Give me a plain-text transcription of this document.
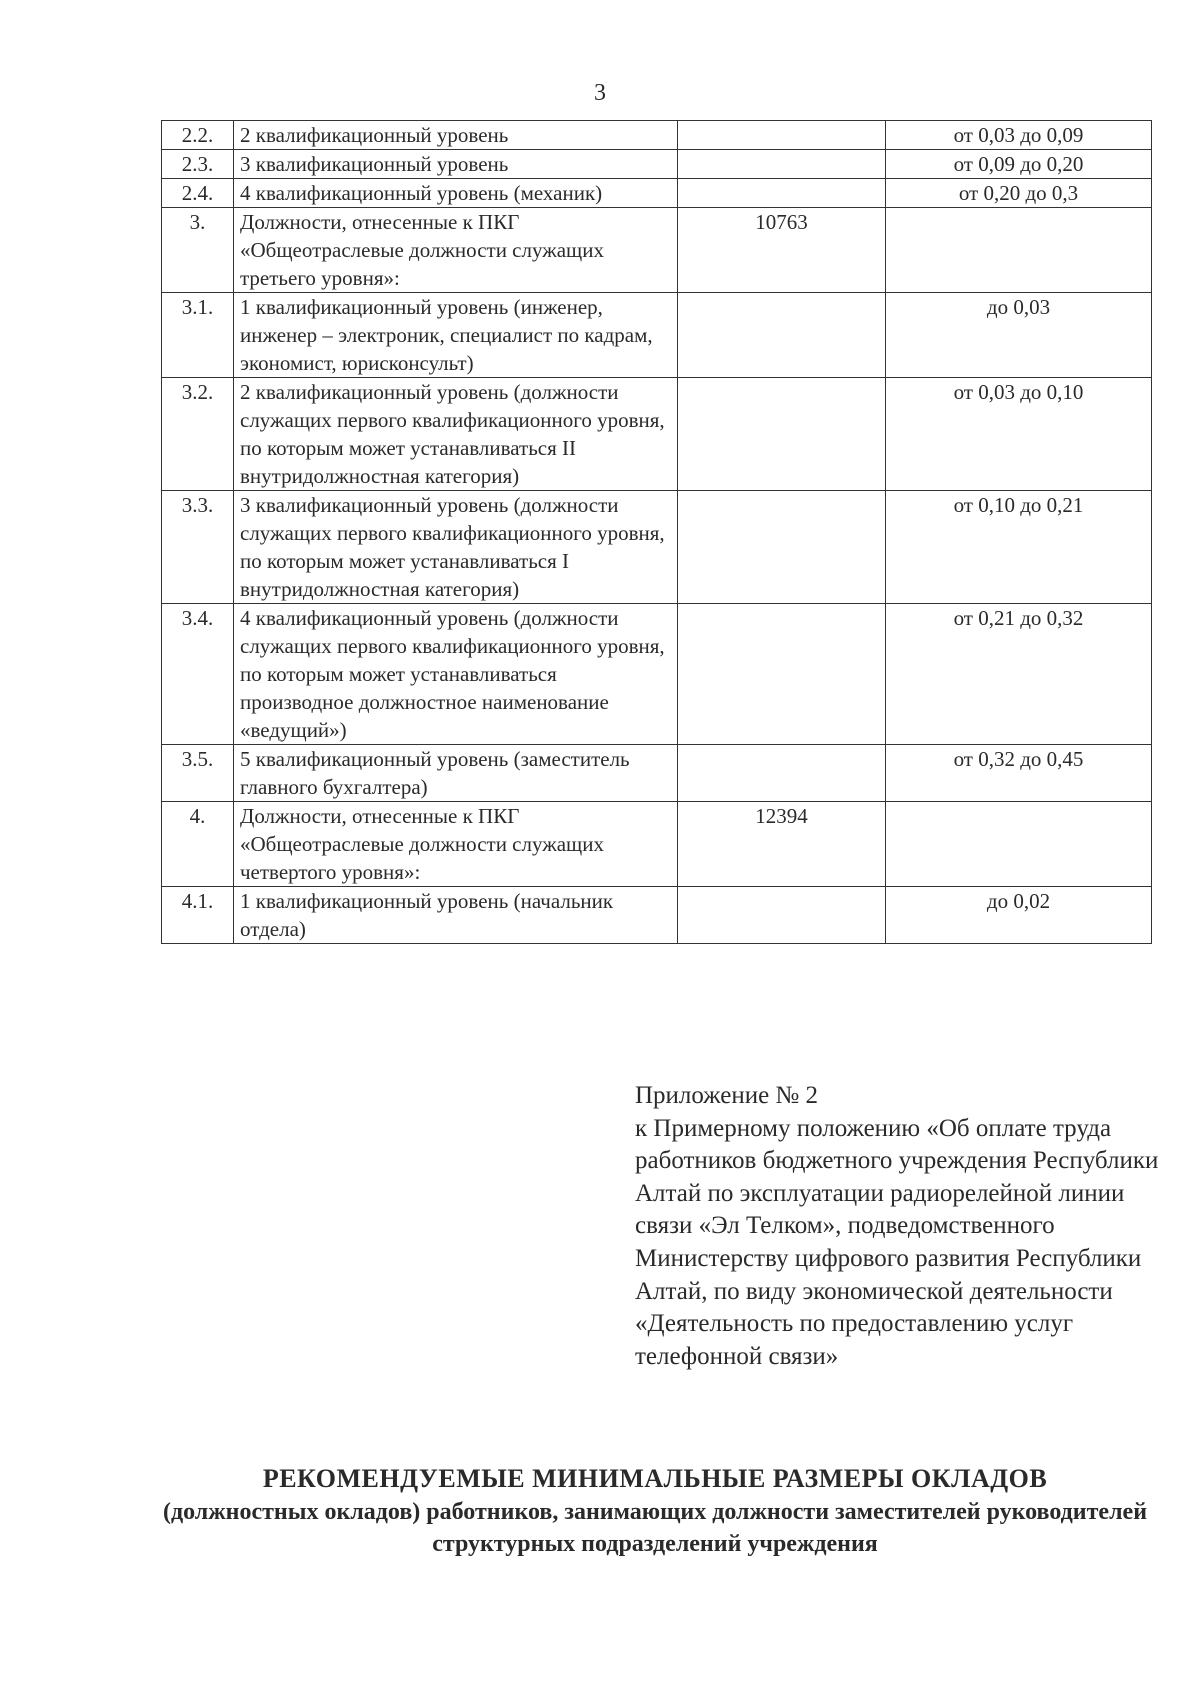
3
2.2.	2 квалификационный уровень		от 0,03 до 0,09
2.3.	3 квалификационный уровень		от 0,09 до 0,20
2.4.	4 квалификационный уровень (механик)		от 0,20 до 0,3
3.	Должности, отнесенные к ПКГ «Общеотраслевые должности служащих третьего уровня»:	10763	
3.1.	1 квалификационный уровень (инженер, инженер – электроник, специалист по кадрам, экономист, юрисконсульт)		до 0,03
3.2.	2 квалификационный уровень (должности служащих первого квалификационного уровня, по которым может устанавливаться II внутридолжностная категория)		от 0,03 до 0,10
3.3.	3 квалификационный уровень (должности служащих первого квалификационного уровня, по которым может устанавливаться I внутридолжностная категория)		от 0,10 до 0,21
3.4.	4 квалификационный уровень (должности служащих первого квалификационного уровня, по которым может устанавливаться производное должностное наименование «ведущий»)		от 0,21 до 0,32
3.5.	5 квалификационный уровень (заместитель главного бухгалтера)		от 0,32 до 0,45
4.	Должности, отнесенные к ПКГ «Общеотраслевые должности служащих четвертого уровня»:	12394	
4.1.	1 квалификационный уровень (начальник отдела)		до 0,02

Приложение № 2

к Примерному положению «Об оплате труда работников бюджетного учреждения Республики Алтай по эксплуатации радиорелейной линии связи «Эл Телком», подведомственного Министерству цифрового развития Республики Алтай, по виду экономической деятельности «Деятельность по предоставлению услуг телефонной связи»

РЕКОМЕНДУЕМЫЕ МИНИМАЛЬНЫЕ РАЗМЕРЫ ОКЛАДОВ
(должностных окладов) работников, занимающих должности заместителей руководителей структурных подразделений учреждения
